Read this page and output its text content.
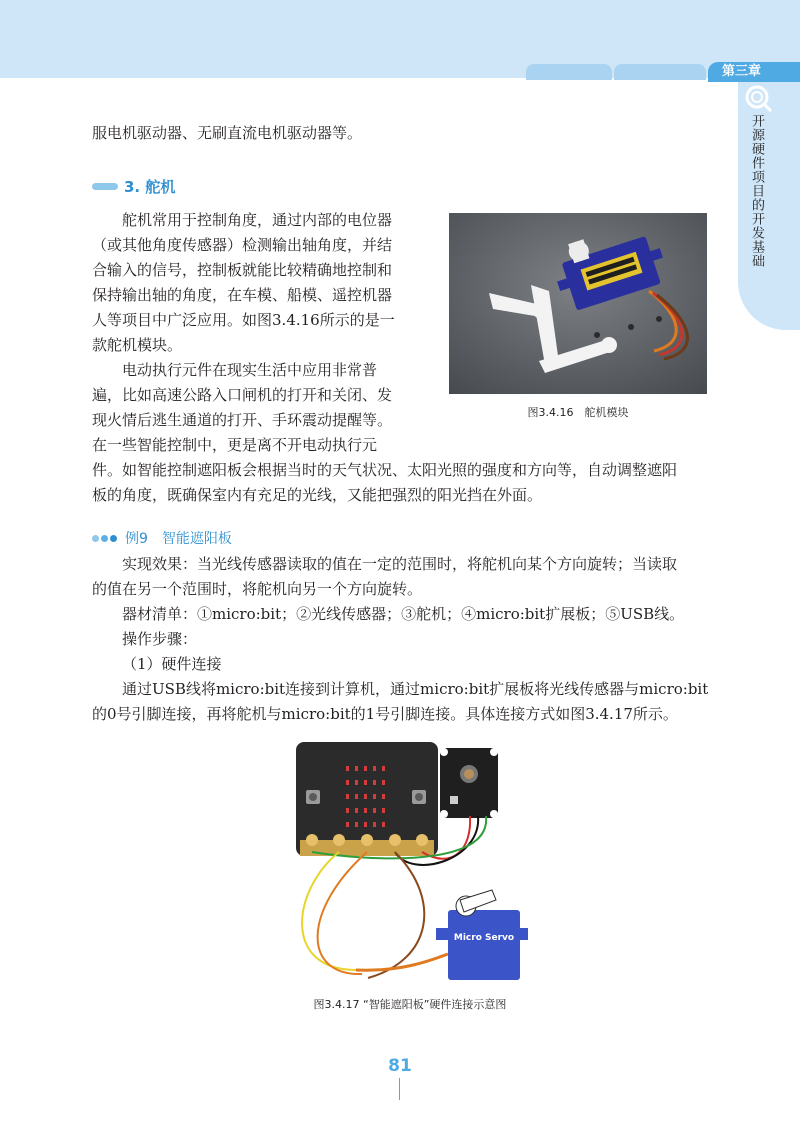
第三章
开源硬件项目的开发基础
服电机驱动器、无刷直流电机驱动器等。
3. 舵机
舵机常用于控制角度，通过内部的电位器
（或其他角度传感器）检测输出轴角度，并结
合输入的信号，控制板就能比较精确地控制和
保持输出轴的角度，在车模、船模、遥控机器
人等项目中广泛应用。如图3.4.16所示的是一
款舵机模块。
电动执行元件在现实生活中应用非常普
遍，比如高速公路入口闸机的打开和关闭、发
现火情后逃生通道的打开、手环震动提醒等。
在一些智能控制中，更是离不开电动执行元
件。如智能控制遮阳板会根据当时的天气状况、太阳光照的强度和方向等，自动调整遮阳
板的角度，既确保室内有充足的光线，又能把强烈的阳光挡在外面。
图3.4.16　舵机模块
例9 智能遮阳板
实现效果：当光线传感器读取的值在一定的范围时，将舵机向某个方向旋转；当读取
的值在另一个范围时，将舵机向另一个方向旋转。
器材清单：①micro:bit；②光线传感器；③舵机；④micro:bit扩展板；⑤USB线。
操作步骤：
（1）硬件连接
通过USB线将micro:bit连接到计算机，通过micro:bit扩展板将光线传感器与micro:bit
的0号引脚连接，再将舵机与micro:bit的1号引脚连接。具体连接方式如图3.4.17所示。
Micro Servo
图3.4.17 “智能遮阳板”硬件连接示意图
81
